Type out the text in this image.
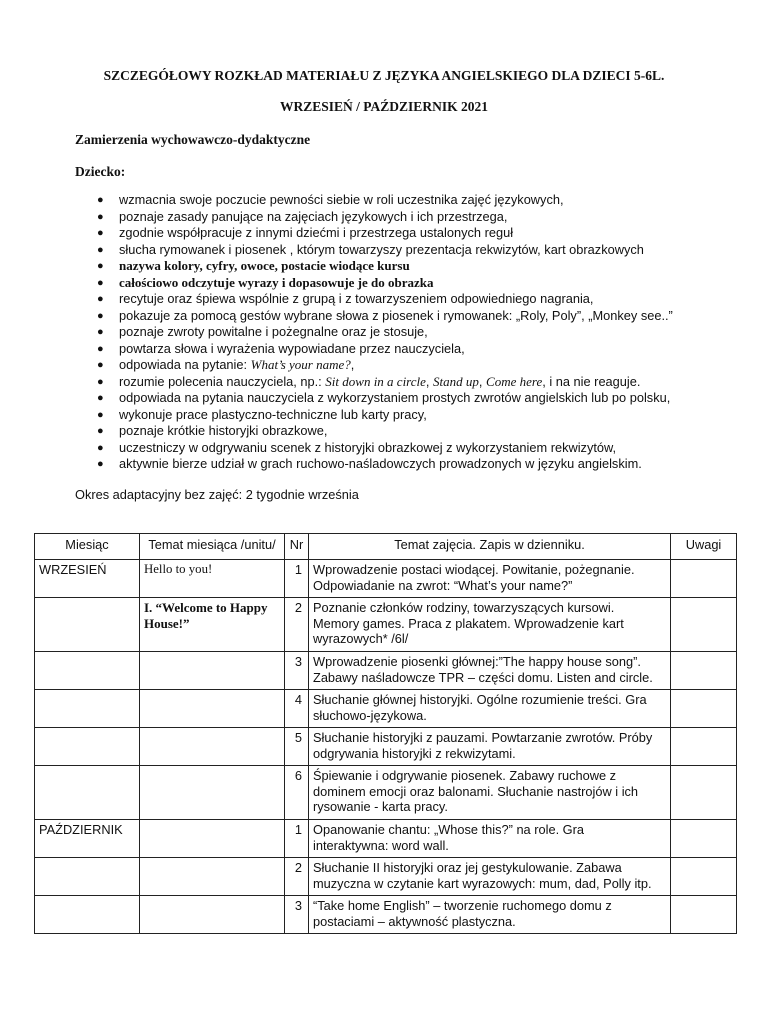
SZCZEGÓŁOWY ROZKŁAD MATERIAŁU Z JĘZYKA ANGIELSKIEGO DLA DZIECI 5-6L.
WRZESIEŃ / PAŹDZIERNIK 2021
Zamierzenia wychowawczo-dydaktyczne
Dziecko:
● wzmacnia swoje poczucie pewności siebie w roli uczestnika zajęć językowych,
● poznaje zasady panujące na zajęciach językowych i ich przestrzega,
● zgodnie współpracuje z innymi dziećmi i przestrzega ustalonych reguł
● słucha rymowanek i piosenek , którym towarzyszy prezentacja rekwizytów, kart obrazkowych
● nazywa kolory, cyfry, owoce, postacie wiodące kursu
● całościowo odczytuje wyrazy i dopasowuje je do obrazka
● recytuje oraz śpiewa wspólnie z grupą i z towarzyszeniem odpowiedniego nagrania,
● pokazuje za pomocą gestów wybrane słowa z piosenek i rymowanek: „Roly, Poly”, „Monkey see..”
● poznaje zwroty powitalne i pożegnalne oraz je stosuje,
● powtarza słowa i wyrażenia wypowiadane przez nauczyciela,
● odpowiada na pytanie: What’s your name?,
● rozumie polecenia nauczyciela, np.: Sit down in a circle, Stand up, Come here, i na nie reaguje.
● odpowiada na pytania nauczyciela z wykorzystaniem prostych zwrotów angielskich lub po polsku,
● wykonuje prace plastyczno-techniczne lub karty pracy,
● poznaje krótkie historyjki obrazkowe,
● uczestniczy w odgrywaniu scenek z historyjki obrazkowej z wykorzystaniem rekwizytów,
● aktywnie bierze udział w grach ruchowo-naśladowczych prowadzonych w języku angielskim.
Okres adaptacyjny bez zajęć: 2 tygodnie września
Miesiąc	Temat miesiąca /unitu/	Nr	Temat zajęcia. Zapis w dzienniku.	Uwagi
WRZESIEŃ	Hello to you!	1	Wprowadzenie postaci wiodącej. Powitanie, pożegnanie.
Odpowiadanie na zwrot: “What’s your name?”	

	I. “Welcome to Happy House!”	2	Poznanie członków rodziny, towarzyszących kursowi.
Memory games. Praca z plakatem. Wprowadzenie kart
wyrazowych* /6l/	

		3	Wprowadzenie piosenki głównej:”The happy house song”.
Zabawy naśladowcze TPR – części domu. Listen and circle.	

		4	Słuchanie głównej historyjki. Ogólne rozumienie treści. Gra
słuchowo-językowa.	

		5	Słuchanie historyjki z pauzami. Powtarzanie zwrotów. Próby
odgrywania historyjki z rekwizytami.	

		6	Śpiewanie i odgrywanie piosenek. Zabawy ruchowe z
dominem emocji oraz balonami. Słuchanie nastrojów i ich
rysowanie - karta pracy.	

PAŹDZIERNIK		1	Opanowanie chantu: „Whose this?” na role. Gra
interaktywna: word wall.	

		2	Słuchanie II historyjki oraz jej gestykulowanie. Zabawa
muzyczna w czytanie kart wyrazowych: mum, dad, Polly itp.	

		3	“Take home English” – tworzenie ruchomego domu z
postaciami – aktywność plastyczna.	
